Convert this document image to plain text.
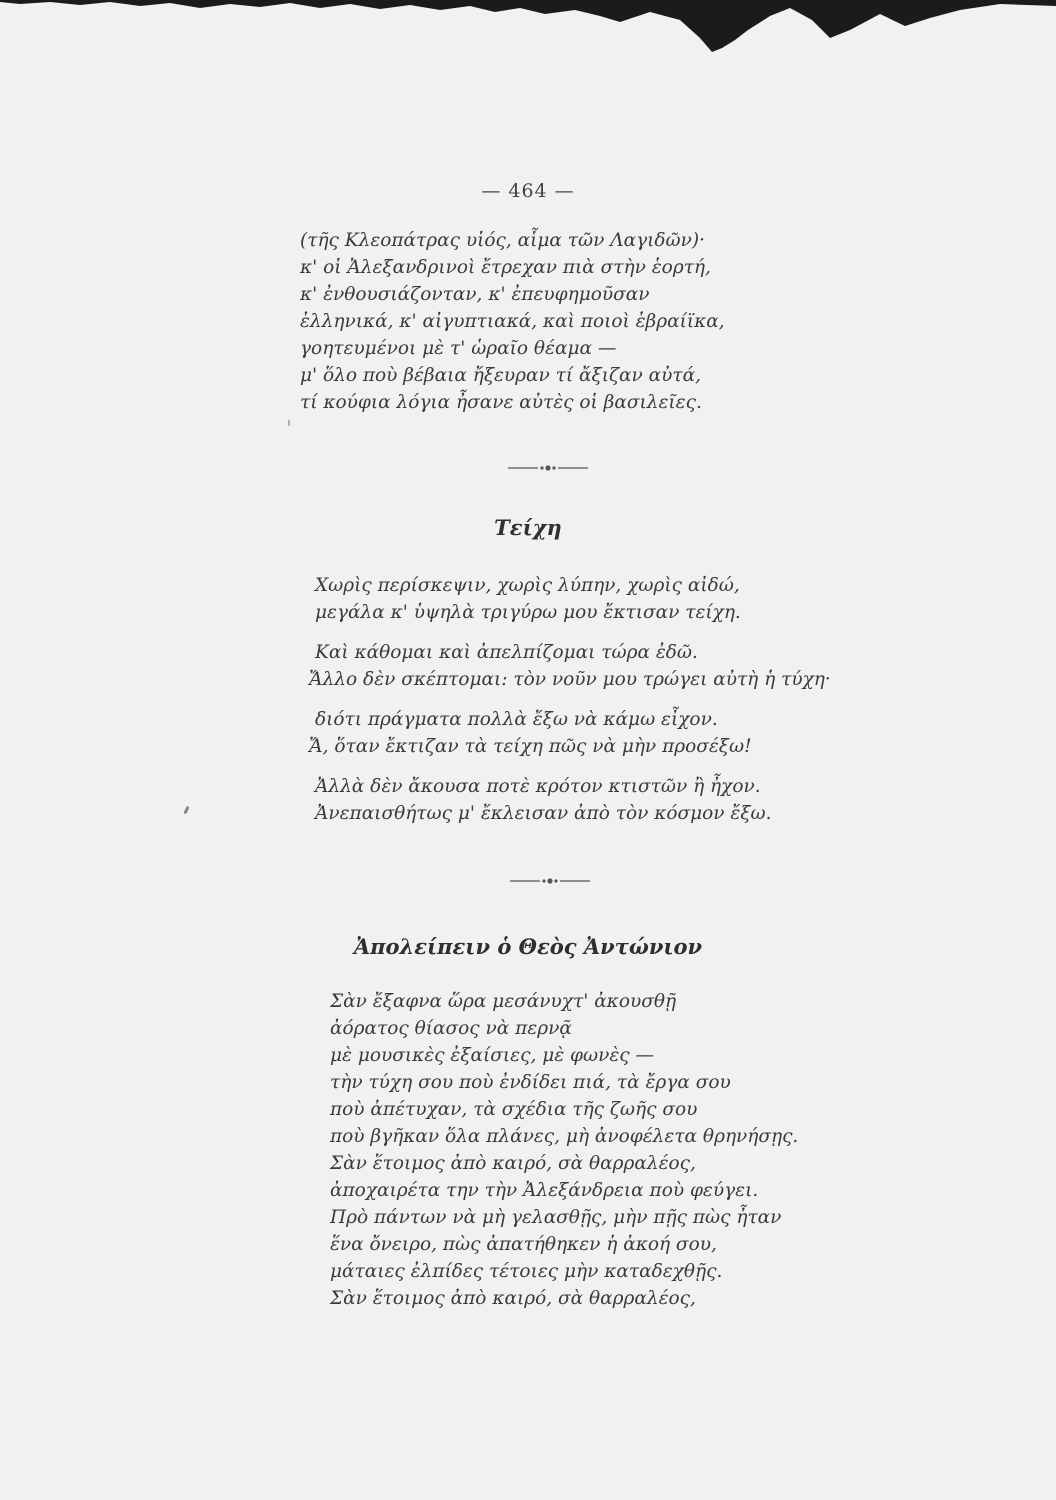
— 464 —
(τῆς Κλεοπάτρας υἱός, αἷμα τῶν Λαγιδῶν)·
κ' οἱ Ἀλεξανδρινοὶ ἔτρεχαν πιὰ στὴν ἑορτή,
κ' ἐνθουσιάζονταν, κ' ἐπευφημοῦσαν
ἑλληνικά, κ' αἰγυπτιακά, καὶ ποιοὶ ἑβραίϊκα,
γοητευμένοι μὲ τ' ὡραῖο θέαμα —
μ' ὅλο ποὺ βέβαια ἤξευραν τί ἄξιζαν αὐτά,
τί κούφια λόγια ἦσανε αὐτὲς οἱ βασιλεῖες.
Τείχη
Χωρὶς περίσκεψιν, χωρὶς λύπην, χωρὶς αἰδώ,
μεγάλα κ' ὑψηλὰ τριγύρω μου ἔκτισαν τείχη.
Καὶ κάθομαι καὶ ἀπελπίζομαι τώρα ἐδῶ.
Ἄλλο δὲν σκέπτομαι: τὸν νοῦν μου τρώγει αὐτὴ ἡ τύχη·
διότι πράγματα πολλὰ ἔξω νὰ κάμω εἶχον.
Ἄ, ὅταν ἔκτιζαν τὰ τείχη πῶς νὰ μὴν προσέξω!
Ἀλλὰ δὲν ἄκουσα ποτὲ κρότον κτιστῶν ἢ ἦχον.
Ἀνεπαισθήτως μ' ἔκλεισαν ἀπὸ τὸν κόσμον ἔξω.
Ἀπολείπειν ὁ Θεὸς Ἀντώνιον
Σὰν ἔξαφνα ὥρα μεσάνυχτ' ἀκουσθῇ
ἀόρατος θίασος νὰ περνᾷ
μὲ μουσικὲς ἐξαίσιες, μὲ φωνὲς —
τὴν τύχη σου ποὺ ἐνδίδει πιά, τὰ ἔργα σου
ποὺ ἀπέτυχαν, τὰ σχέδια τῆς ζωῆς σου
ποὺ βγῆκαν ὅλα πλάνες, μὴ ἀνοφέλετα θρηνήσῃς.
Σὰν ἕτοιμος ἀπὸ καιρό, σὰ θαρραλέος,
ἀποχαιρέτα την τὴν Ἀλεξάνδρεια ποὺ φεύγει.
Πρὸ πάντων νὰ μὴ γελασθῇς, μὴν πῇς πὼς ἦταν
ἕνα ὄνειρο, πὼς ἀπατήθηκεν ἡ ἀκοή σου,
μάταιες ἐλπίδες τέτοιες μὴν καταδεχθῇς.
Σὰν ἕτοιμος ἀπὸ καιρό, σὰ θαρραλέος,
